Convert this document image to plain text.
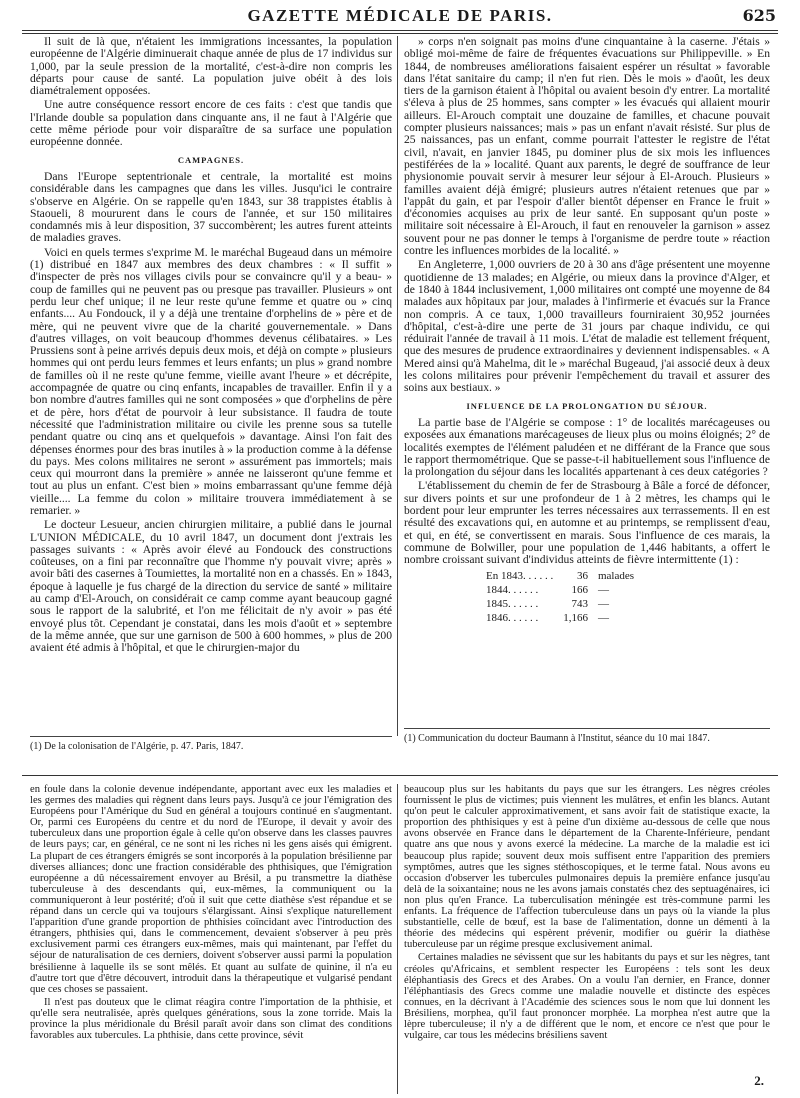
GAZETTE MÉDICALE DE PARIS.	625

Il suit de là que, n'étaient les immigrations incessantes, la population européenne de l'Algérie diminuerait chaque année de plus de 17 individus sur 1,000, par la seule pression de la mortalité, c'est-à-dire non compris les départs pour cause de santé. La population juive obéit à des lois diamétralement opposées.

Une autre conséquence ressort encore de ces faits : c'est que tandis que l'Irlande double sa population dans cinquante ans, il ne faut à l'Algérie que cette même période pour voir disparaître de sa surface une population européenne donnée.

CAMPAGNES.

Dans l'Europe septentrionale et centrale, la mortalité est moins considérable dans les campagnes que dans les villes. Jusqu'ici le contraire s'observe en Algérie. On se rappelle qu'en 1843, sur 38 trappistes établis à Staoueli, 8 moururent dans le cours de l'année, et sur 150 militaires condamnés mis à leur disposition, 37 succombèrent; les autres furent atteints de maladies graves.

Voici en quels termes s'exprime M. le maréchal Bugeaud dans un mémoire (1) distribué en 1847 aux membres des deux chambres : « Il suffit » d'inspecter de près nos villages civils pour se convaincre qu'il y a beau- » coup de familles qui ne peuvent pas ou presque pas travailler. Plusieurs » ont perdu leur chef unique; il ne leur reste qu'une femme et quatre ou » cinq enfants.... Au Fondouck, il y a déjà une trentaine d'orphelins de » père et de mère, qui ne peuvent vivre que de la charité gouvernementale. » Dans d'autres villages, on voit beaucoup d'hommes devenus célibataires. » Les Prussiens sont à peine arrivés depuis deux mois, et déjà on compte » plusieurs hommes qui ont perdu leurs femmes et leurs enfants; un plus » grand nombre de familles où il ne reste qu'une femme, vieille avant l'heure » et décrépite, accompagnée de quatre ou cinq enfants, incapables de travailler. Enfin il y a bon nombre d'autres familles qui ne sont composées » que d'orphelins de père et de père, hors d'état de pourvoir à leur subsistance. Il faudra de toute nécessité que l'administration militaire ou civile les prenne sous sa tutelle pendant quatre ou cinq ans et quelquefois » davantage. Ainsi l'on fait des dépenses énormes pour des bras inutiles à » la production comme à la défense du pays. Mes colons militaires ne seront » assurément pas immortels; mais ceux qui mourront dans la première » année ne laisseront qu'une femme et tout au plus un enfant. C'est bien » moins embarrassant qu'une femme déjà vieille.... La femme du colon » militaire trouvera immédiatement à se remarier. »

Le docteur Lesueur, ancien chirurgien militaire, a publié dans le journal L'UNION MÉDICALE, du 10 avril 1847, un document dont j'extrais les passages suivants : « Après avoir élevé au Fondouck des constructions coûteuses, on a fini par reconnaître que l'homme n'y pouvait vivre; après » avoir bâti des casernes à Toumiettes, la mortalité non en a chassés. En » 1843, époque à laquelle je fus chargé de la direction du service de santé » militaire au camp d'El-Arouch, on considérait ce camp comme ayant beaucoup gagné sous le rapport de la salubrité, et l'on me félicitait de n'y avoir » pas été envoyé plus tôt. Cependant je constatai, dans les mois d'août et » septembre de la même année, que sur une garnison de 500 à 600 hommes, » plus de 200 avaient été admis à l'hôpital, et que le chirurgien-major du

» corps n'en soignait pas moins d'une cinquantaine à la caserne. J'étais » obligé moi-même de faire de fréquentes évacuations sur Philippeville. » En 1844, de nombreuses améliorations faisaient espérer un résultat » favorable dans l'état sanitaire du camp; il n'en fut rien. Dès le mois » d'août, les deux tiers de la garnison étaient à l'hôpital ou avaient besoin d'y entrer. La mortalité s'éleva à plus de 25 hommes, sans compter » les évacués qui allaient mourir ailleurs. El-Arouch comptait une douzaine de familles, et chacune pouvait compter plusieurs naissances; mais » pas un enfant n'avait résisté. Sur plus de 25 naissances, pas un enfant, comme pourrait l'attester le registre de l'état civil, n'avait, en janvier 1845, pu dominer plus de six mois les influences pestiférées de la » localité. Quant aux parents, le degré de souffrance de leur physionomie pouvait servir à mesurer leur séjour à El-Arouch. Plusieurs » familles avaient déjà émigré; plusieurs autres n'étaient retenues que par » l'appât du gain, et par l'espoir d'aller bientôt dépenser en France le fruit » d'économies acquises au prix de leur santé. En supposant qu'un poste » militaire soit nécessaire à El-Arouch, il faut en renouveler la garnison » assez souvent pour ne pas donner le temps à l'organisme de perdre toute » réaction contre les influences morbides de la localité. »

En Angleterre, 1,000 ouvriers de 20 à 30 ans d'âge présentent une moyenne quotidienne de 13 malades; en Algérie, ou mieux dans la province d'Alger, et de 1840 à 1844 inclusivement, 1,000 militaires ont compté une moyenne de 84 malades aux hôpitaux par jour, malades à l'infirmerie et évacués sur la France non compris. A ce taux, 1,000 travailleurs fourniraient 30,952 journées d'hôpital, c'est-à-dire une perte de 31 jours par chaque individu, ce qui réduirait l'année de travail à 11 mois. L'état de maladie est tellement fréquent, que des mesures de prudence extraordinaires y deviennent indispensables. « A Mered ainsi qu'à Mahelma, dit le » maréchal Bugeaud, j'ai associé deux à deux les colons militaires pour prévenir l'empêchement du travail et assurer des soins aux bestiaux. »

INFLUENCE DE LA PROLONGATION DU SÉJOUR.

La partie base de l'Algérie se compose : 1° de localités marécageuses ou exposées aux émanations marécageuses de lieux plus ou moins éloignés; 2° de localités exemptes de l'élément paludéen et ne différant de la France que sous le rapport thermométrique. Que se passe-t-il habituellement sous l'influence de la prolongation du séjour dans les localités appartenant à ces deux catégories ?

L'établissement du chemin de fer de Strasbourg à Bâle a forcé de défoncer, sur divers points et sur une profondeur de 1 à 2 mètres, les champs qui le bordent pour leur emprunter les terres nécessaires aux terrassements. Il en est résulté des excavations qui, en automne et au printemps, se remplissent d'eau, et qui, en été, se convertissent en marais. Sous l'influence de ces marais, la commune de Bolwiller, pour une population de 1,446 habitants, a offert le nombre croissant suivant d'individus atteints de fièvre intermittente (1) :

En 1843. . . . . .	36	malades
1844. . . . . .	166	—
1845. . . . . .	743	—
1846. . . . . .	1,166	—
(1) De la colonisation de l'Algérie, p. 47. Paris, 1847.
(1) Communication du docteur Baumann à l'Institut, séance du 10 mai 1847.

en foule dans la colonie devenue indépendante, apportant avec eux les maladies et les germes des maladies qui règnent dans leurs pays. Jusqu'à ce jour l'émigration des Européens pour l'Amérique du Sud en général a toujours continué en s'augmentant. Or, parmi ces Européens du centre et du nord de l'Europe, il devait y avoir des tuberculeux dans une proportion égale à celle qu'on observe dans les classes pauvres de leurs pays; car, en général, ce ne sont ni les riches ni les gens aisés qui émigrent. La plupart de ces étrangers émigrés se sont incorporés à la population brésilienne par diverses alliances; donc une fraction considérable des phthisiques, que l'émigration européenne a dû nécessairement envoyer au Brésil, a pu transmettre la diathèse tuberculeuse à des descendants qui, eux-mêmes, la communiquent ou la communiqueront à leur postérité; d'où il suit que cette diathèse s'est répandue et se répand dans un cercle qui va toujours s'élargissant. Ainsi s'explique naturellement l'apparition d'une grande proportion de phthisies coïncidant avec l'introduction des étrangers, phthisies qui, dans le commencement, devaient s'observer à peu près exclusivement parmi ces étrangers eux-mêmes, mais qui maintenant, par l'effet du séjour de naturalisation de ces derniers, doivent s'observer aussi parmi la population brésilienne à laquelle ils se sont mêlés. Et quant au sulfate de quinine, il n'a eu d'autre tort que d'être découvert, introduit dans la thérapeutique et vulgarisé pendant que ces choses se passaient.

Il n'est pas douteux que le climat réagira contre l'importation de la phthisie, et qu'elle sera neutralisée, après quelques générations, sous la zone torride. Mais la province la plus méridionale du Brésil paraît avoir dans son climat des conditions favorables aux tubercules. La phthisie, dans cette province, sévit

beaucoup plus sur les habitants du pays que sur les étrangers. Les nègres créoles fournissent le plus de victimes; puis viennent les mulâtres, et enfin les blancs. Autant qu'on peut le calculer approximativement, et sans avoir fait de statistique exacte, la proportion des phthisiques y est à peine d'un dixième au-dessous de celle que nous avons observée en France dans le département de la Charente-Inférieure, pendant quatre ans que nous y avons exercé la médecine. La marche de la maladie est ici beaucoup plus rapide; souvent deux mois suffisent entre l'apparition des premiers symptômes, autres que les signes stéthoscopiques, et le terme fatal. Nous avons eu occasion d'observer les tubercules pulmonaires depuis la première enfance jusqu'au delà de la soixantaine; nous ne les avons jamais constatés chez des septuagénaires, ici non plus qu'en France. La tuberculisation méningée est très-commune parmi les enfants. La fréquence de l'affection tuberculeuse dans un pays où la viande la plus substantielle, celle de bœuf, est la base de l'alimentation, donne un démenti à la théorie des médecins qui espèrent prévenir, modifier ou guérir la diathèse tuberculeuse par un régime presque exclusivement animal.

Certaines maladies ne sévissent que sur les habitants du pays et sur les nègres, tant créoles qu'Africains, et semblent respecter les Européens : tels sont les deux éléphantiasis des Grecs et des Arabes. On a voulu l'an dernier, en France, donner l'éléphantiasis des Grecs comme une maladie nouvelle et distincte des espèces connues, en la décrivant à l'Académie des sciences sous le nom que lui donnent les Brésiliens, morphea, qu'il faut prononcer morphée. La morphea n'est autre que la lèpre tuberculeuse; il n'y a de différent que le nom, et encore ce n'est que pour le vulgaire, car tous les médecins brésiliens savent

2.
